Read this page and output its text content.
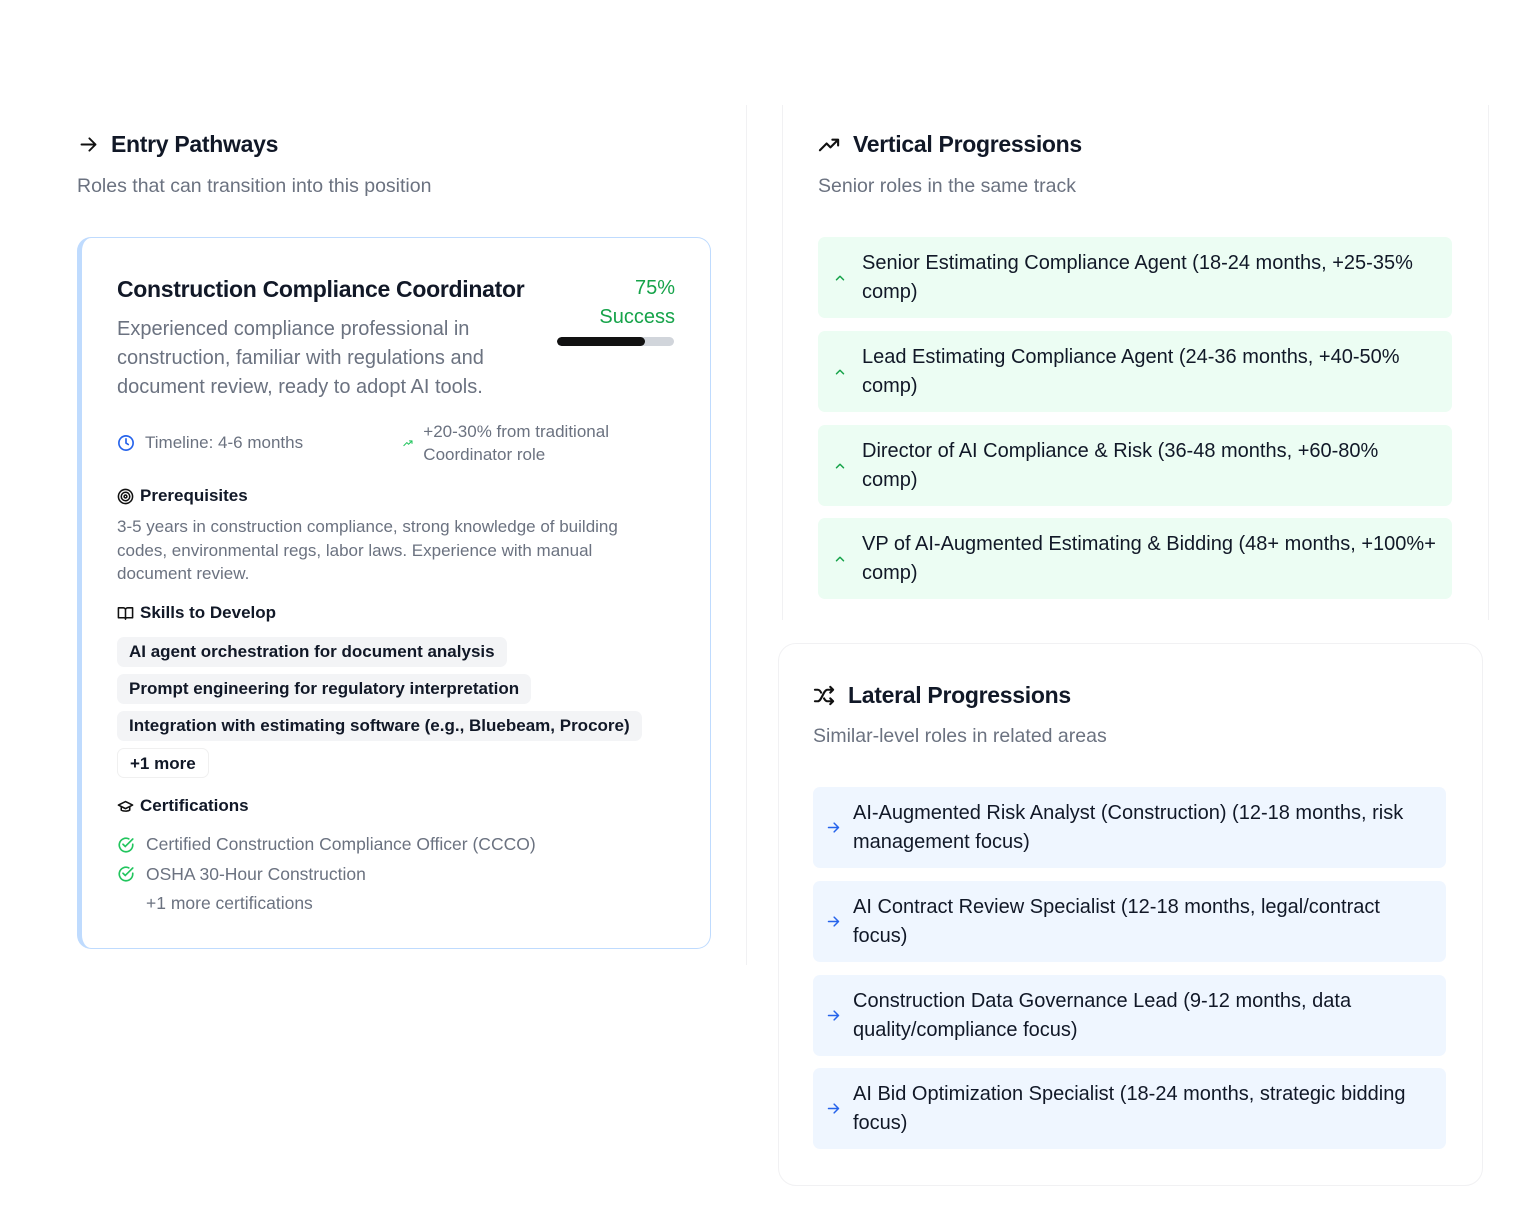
Entry Pathways
Roles that can transition into this position
Construction Compliance Coordinator
Experienced compliance professional in construction, familiar with regulations and document review, ready to adopt AI tools.
75%
Success
Timeline: 4-6 months
+20-30% from traditional Coordinator role
Prerequisites
3-5 years in construction compliance, strong knowledge of building codes, environmental regs, labor laws. Experience with manual document review.
Skills to Develop
AI agent orchestration for document analysis
Prompt engineering for regulatory interpretation
Integration with estimating software (e.g., Bluebeam, Procore)
+1 more
Certifications
Certified Construction Compliance Officer (CCCO)
OSHA 30-Hour Construction
+1 more certifications
Vertical Progressions
Senior roles in the same track
Senior Estimating Compliance Agent (18-24 months, +25-35% comp)
Lead Estimating Compliance Agent (24-36 months, +40-50% comp)
Director of AI Compliance & Risk (36-48 months, +60-80% comp)
VP of AI-Augmented Estimating & Bidding (48+ months, +100%+ comp)
Lateral Progressions
Similar-level roles in related areas
AI-Augmented Risk Analyst (Construction) (12-18 months, risk management focus)
AI Contract Review Specialist (12-18 months, legal/contract focus)
Construction Data Governance Lead (9-12 months, data quality/compliance focus)
AI Bid Optimization Specialist (18-24 months, strategic bidding focus)
